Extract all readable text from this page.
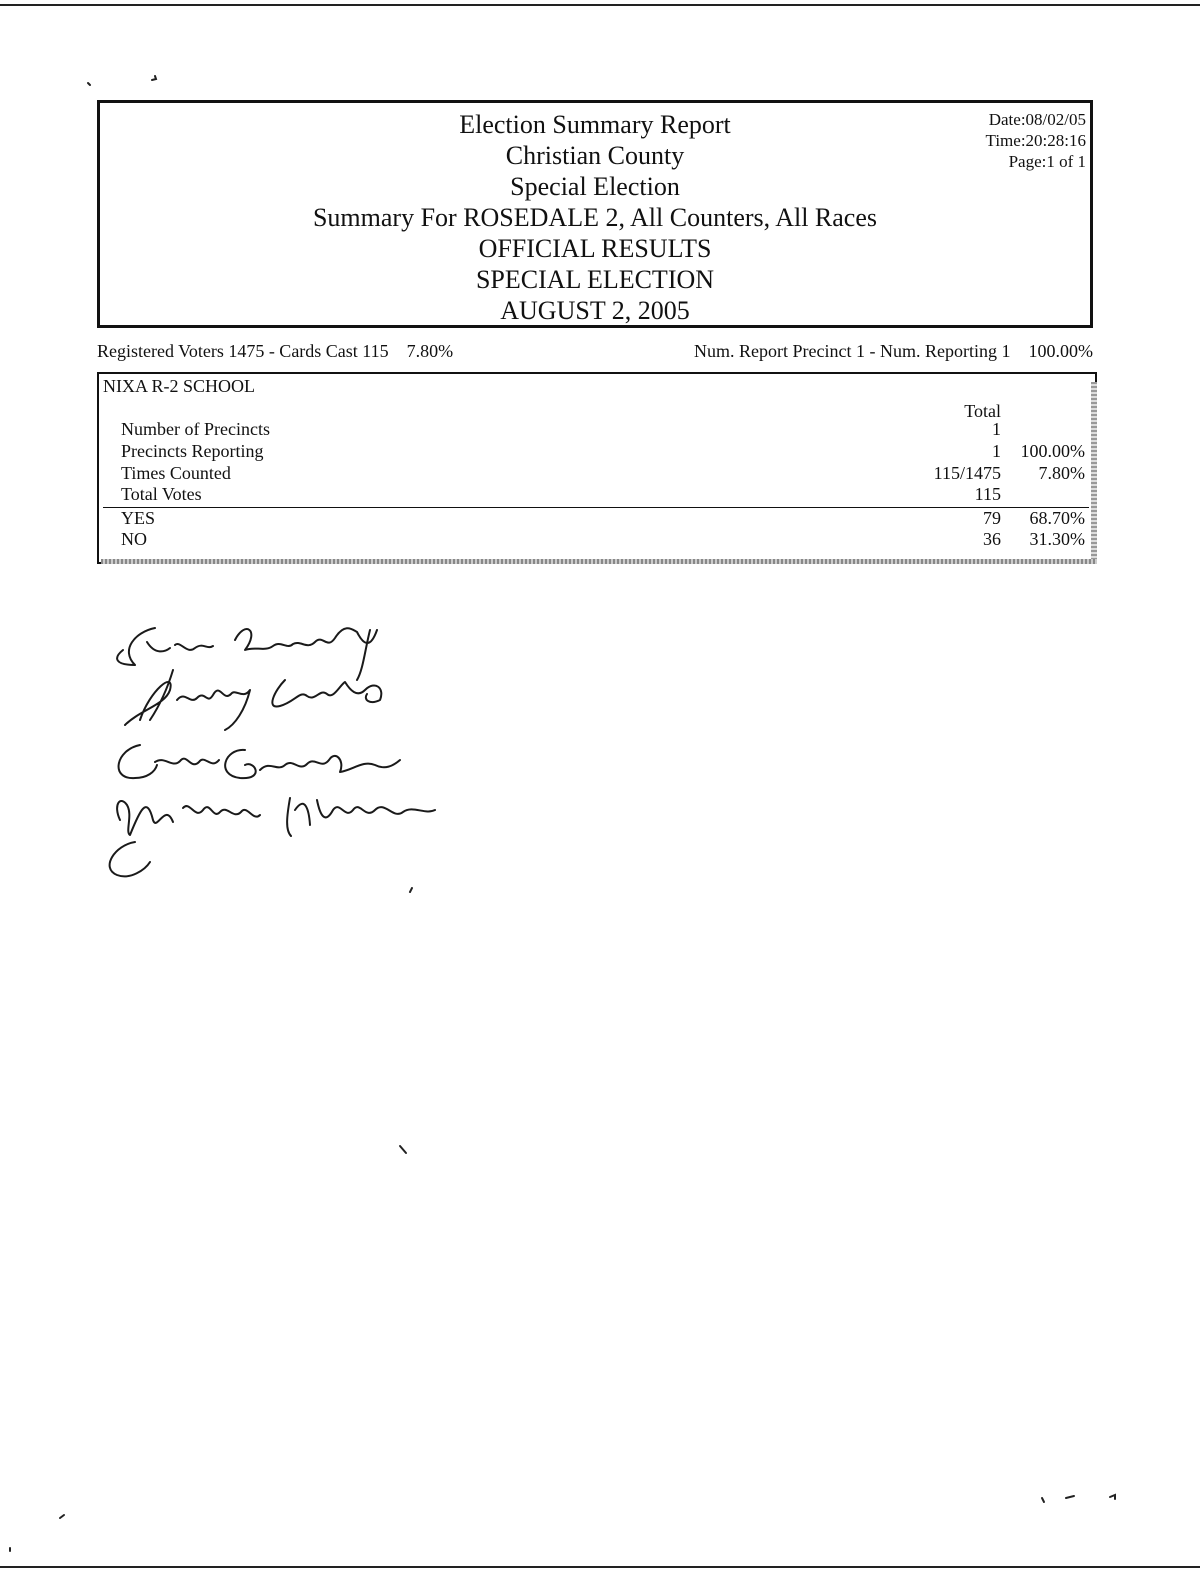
Election Summary Report
Christian County
Special Election
Summary For ROSEDALE 2, All Counters, All Races
OFFICIAL RESULTS
SPECIAL ELECTION
AUGUST 2, 2005
Date:08/02/05
Time:20:28:16
Page:1 of 1
Registered Voters 1475 - Cards Cast 115    7.80%	Num. Report Precinct 1 - Num. Reporting 1    100.00%
NIXA R-2 SCHOOL
Total
Number of Precincts	1
Precincts Reporting	1 100.00%
Times Counted	115/1475 7.80%
Total Votes	115
YES	79 68.70%
NO	36 31.30%
